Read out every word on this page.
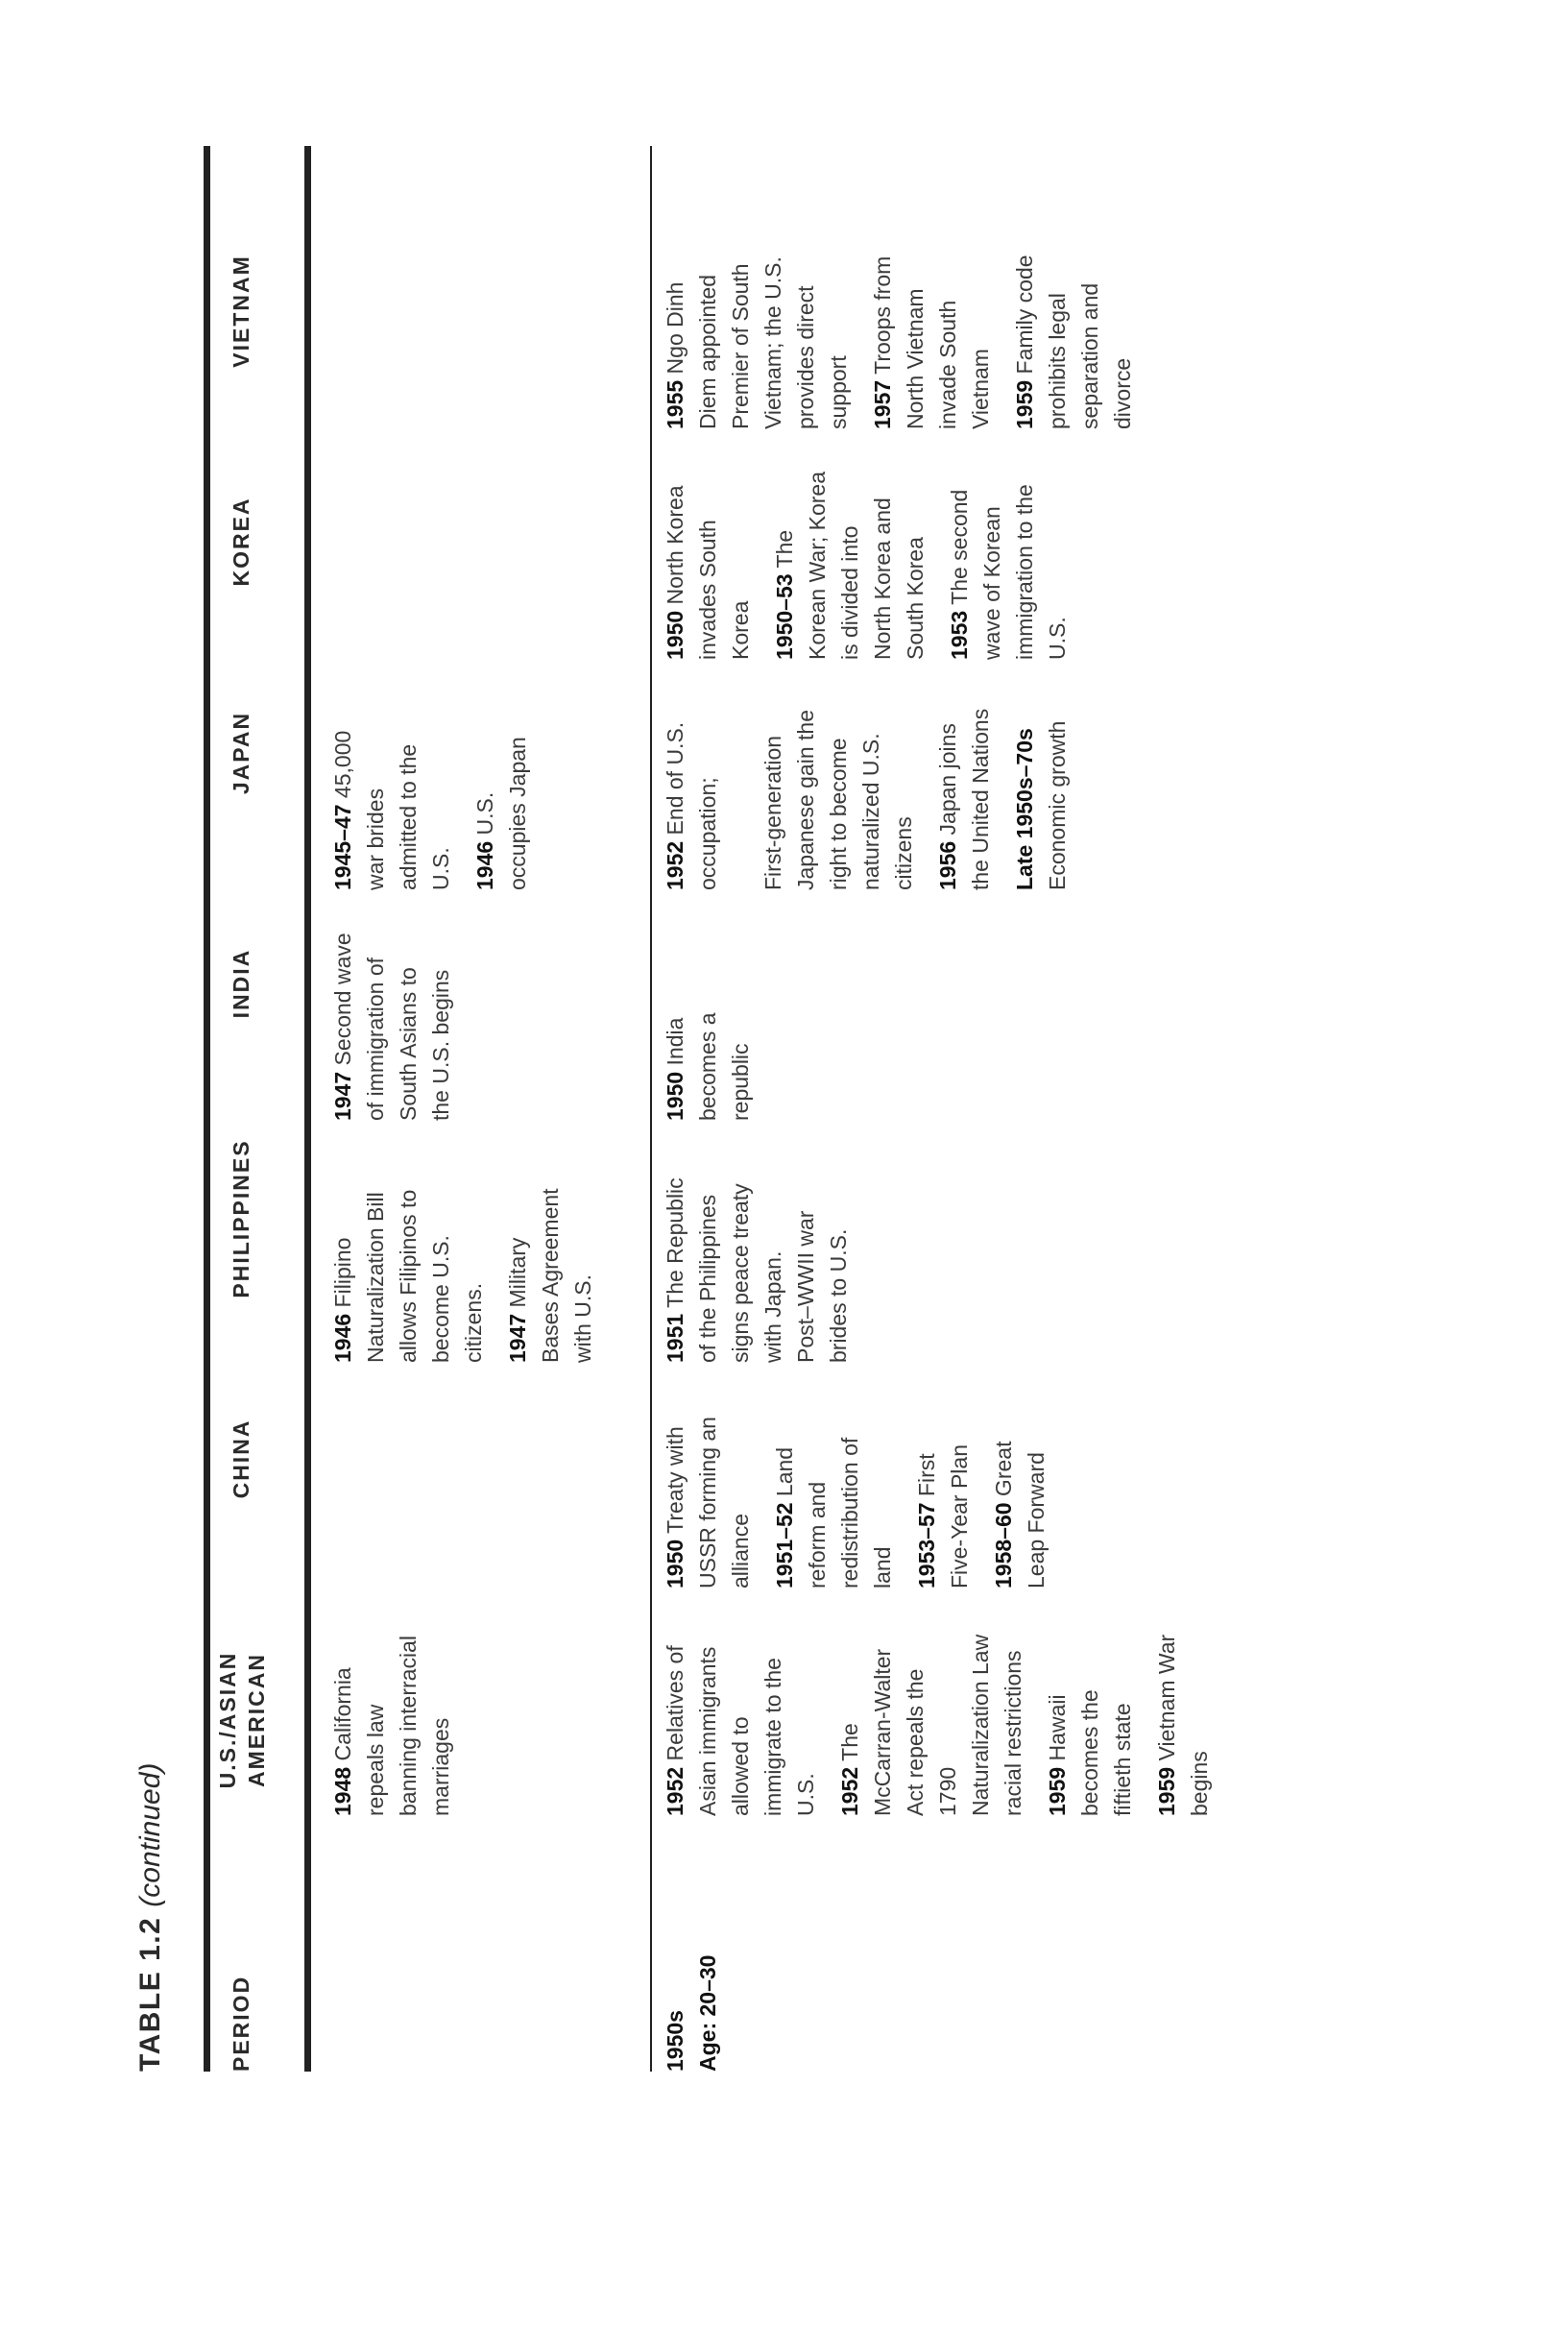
TABLE 1.2(continued)
PERIOD
U.S./ASIAN
AMERICAN
CHINA
PHILIPPINES
INDIA
JAPAN
KOREA
VIETNAM
1948 California
repeals law
banning interracial
marriages
1946 Filipino
Naturalization Bill
allows Filipinos to
become U.S.
citizens. 1947 Military
Bases Agreement
with U.S.
1947 Second wave
of immigration of
South Asians to
the U.S. begins
1945–47 45,000
war brides
admitted to the
U.S. 1946 U.S.
occupies Japan
1950s Age: 20–30
1952 Relatives of
Asian immigrants
allowed to
immigrate to the
U.S. 1952 The
McCarran-Walter
Act repeals the
1790
Naturalization Law
racial restrictions
1959 Hawaii
becomes the
fiftieth state
1959 Vietnam War
begins
1950 Treaty with
USSR forming an
alliance 1951–52 Land
reform and
redistribution of
land 1953–57 First
Five-Year Plan
1958–60 Great
Leap Forward
1951 The Republic
of the Philippines
signs peace treaty
with Japan.
Post–WWII war
brides to U.S.
1950 India
becomes a
republic
1952 End of U.S.
occupation;

First-generation
Japanese gain the
right to become
naturalized U.S.
citizens 1956 Japan joins
the United Nations Late 1950s–70s
Economic growth
1950 North Korea
invades South
Korea 1950–53 The
Korean War; Korea
is divided into
North Korea and
South Korea
1953 The second
wave of Korean
immigration to the
U.S.
1955 Ngo Dinh
Diem appointed
Premier of South
Vietnam; the U.S.
provides direct
support 1957 Troops from
North Vietnam
invade South
Vietnam 1959 Family code
prohibits legal
separation and
divorce
